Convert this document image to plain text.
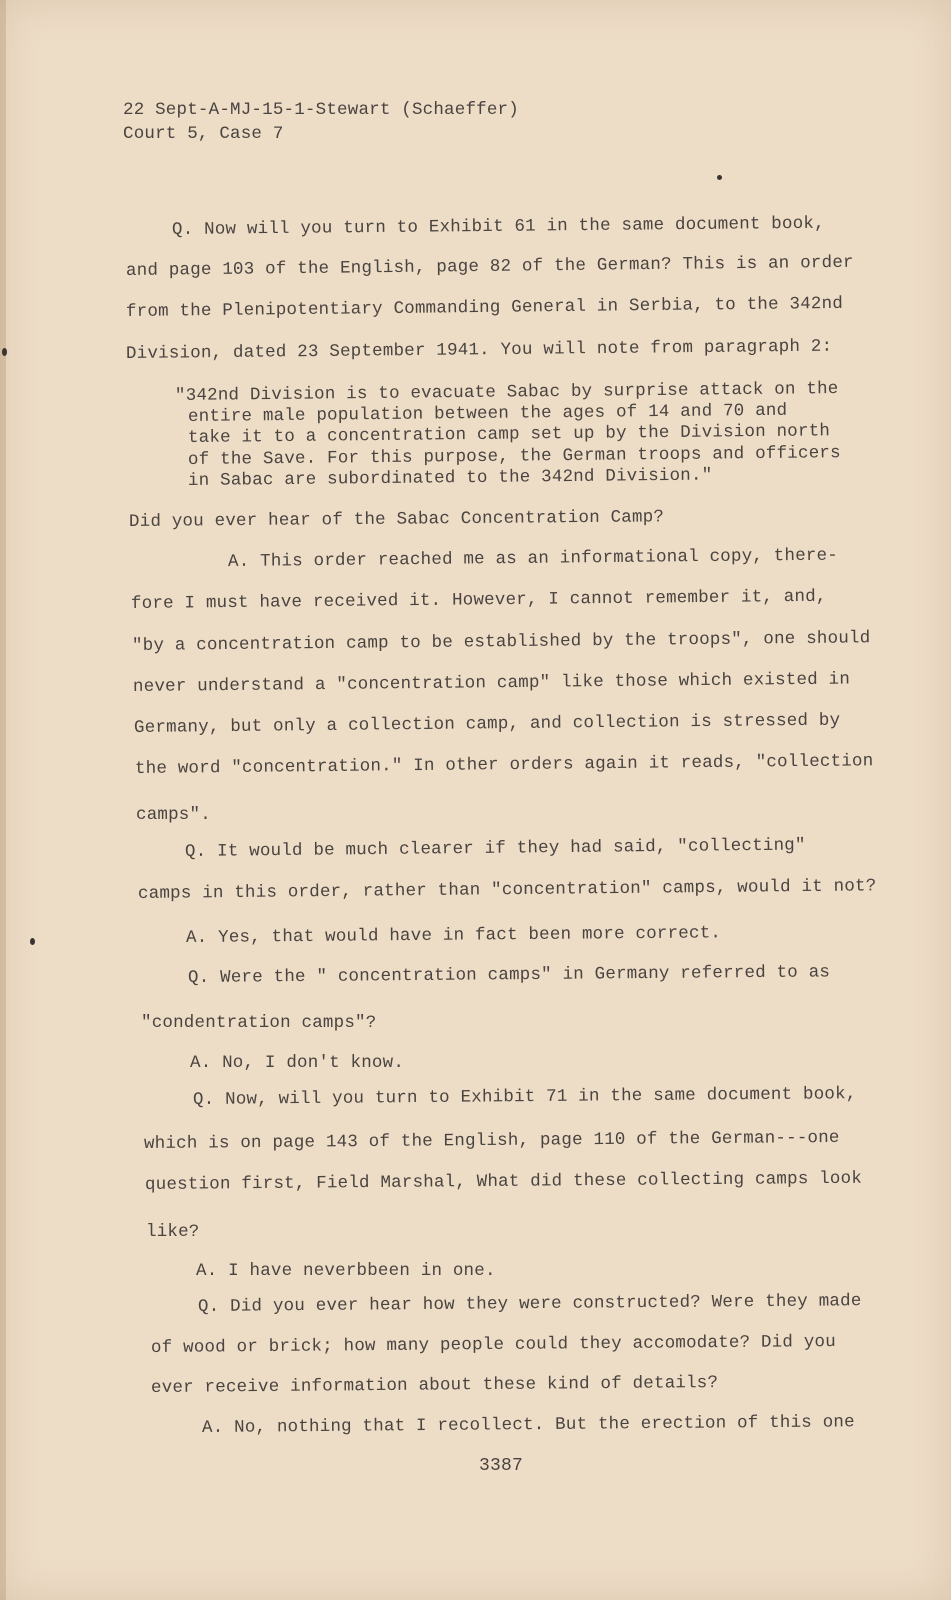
22 Sept-A-MJ-15-1-Stewart (Schaeffer)
Court 5, Case 7
Q. Now will you turn to Exhibit 61 in the same document book,
and page 103 of the English, page 82 of the German? This is an order
from the Plenipotentiary Commanding General in Serbia, to the 342nd
Division, dated 23 September 1941. You will note from paragraph 2:
"342nd Division is to evacuate Sabac by surprise attack on the
entire male population between the ages of 14 and 70 and
take it to a concentration camp set up by the Division north
of the Save. For this purpose, the German troops and officers
in Sabac are subordinated to the 342nd Division."
Did you ever hear of the Sabac Concentration Camp?
A. This order reached me as an informational copy, there-
fore I must have received it. However, I cannot remember it, and,
"by a concentration camp to be established by the troops", one should
never understand a "concentration camp" like those which existed in
Germany, but only a collection camp, and collection is stressed by
the word "concentration." In other orders again it reads, "collection
camps".
Q. It would be much clearer if they had said, "collecting"
camps in this order, rather than "concentration" camps, would it not?
A. Yes, that would have in fact been more correct.
Q. Were the " concentration camps" in Germany referred to as
"condentration camps"?
A. No, I don't know.
Q. Now, will you turn to Exhibit 71 in the same document book,
which is on page 143 of the English, page 110 of the German---one
question first, Field Marshal, What did these collecting camps look
like?
A. I have neverbbeen in one.
Q. Did you ever hear how they were constructed? Were they made
of wood or brick; how many people could they accomodate? Did you
ever receive information about these kind of details?
A. No, nothing that I recollect. But the erection of this one
3387
